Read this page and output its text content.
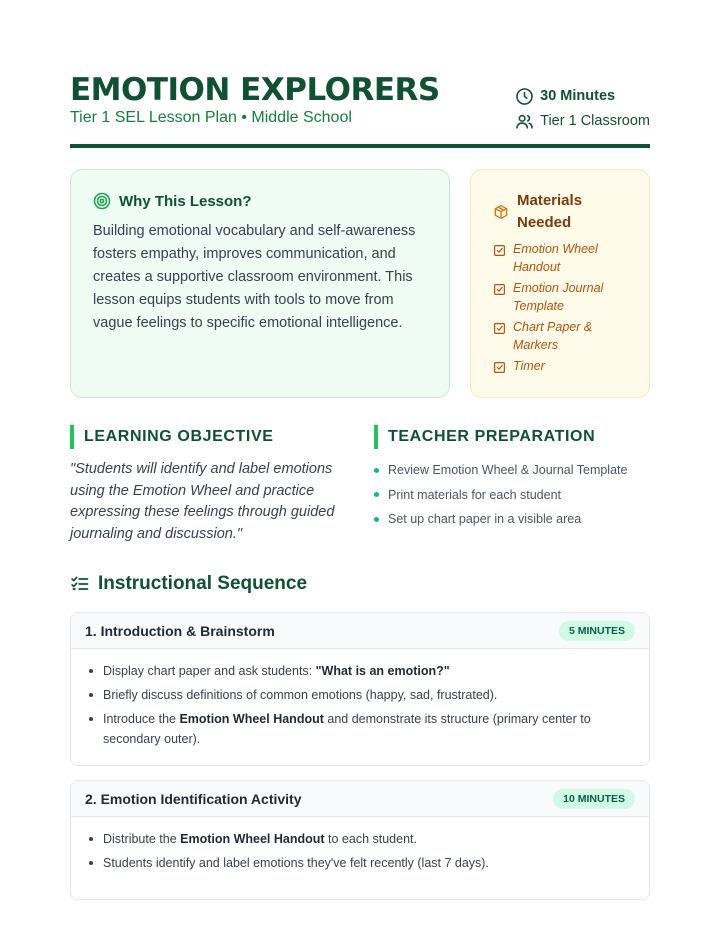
EMOTION EXPLORERS
Tier 1 SEL Lesson Plan • Middle School
30 Minutes
Tier 1 Classroom
Why This Lesson?
Building emotional vocabulary and self-awareness fosters empathy, improves communication, and creates a supportive classroom environment. This lesson equips students with tools to move from vague feelings to specific emotional intelligence.
Materials Needed
Emotion Wheel Handout
Emotion Journal Template
Chart Paper & Markers
Timer
LEARNING OBJECTIVE
"Students will identify and label emotions using the Emotion Wheel and practice expressing these feelings through guided journaling and discussion."
TEACHER PREPARATION
Review Emotion Wheel & Journal Template
Print materials for each student
Set up chart paper in a visible area
Instructional Sequence
1. Introduction & Brainstorm	5 MINUTES
Display chart paper and ask students: "What is an emotion?"
Briefly discuss definitions of common emotions (happy, sad, frustrated).
Introduce the Emotion Wheel Handout and demonstrate its structure (primary center to secondary outer).
2. Emotion Identification Activity	10 MINUTES
Distribute the Emotion Wheel Handout to each student.
Students identify and label emotions they've felt recently (last 7 days).
